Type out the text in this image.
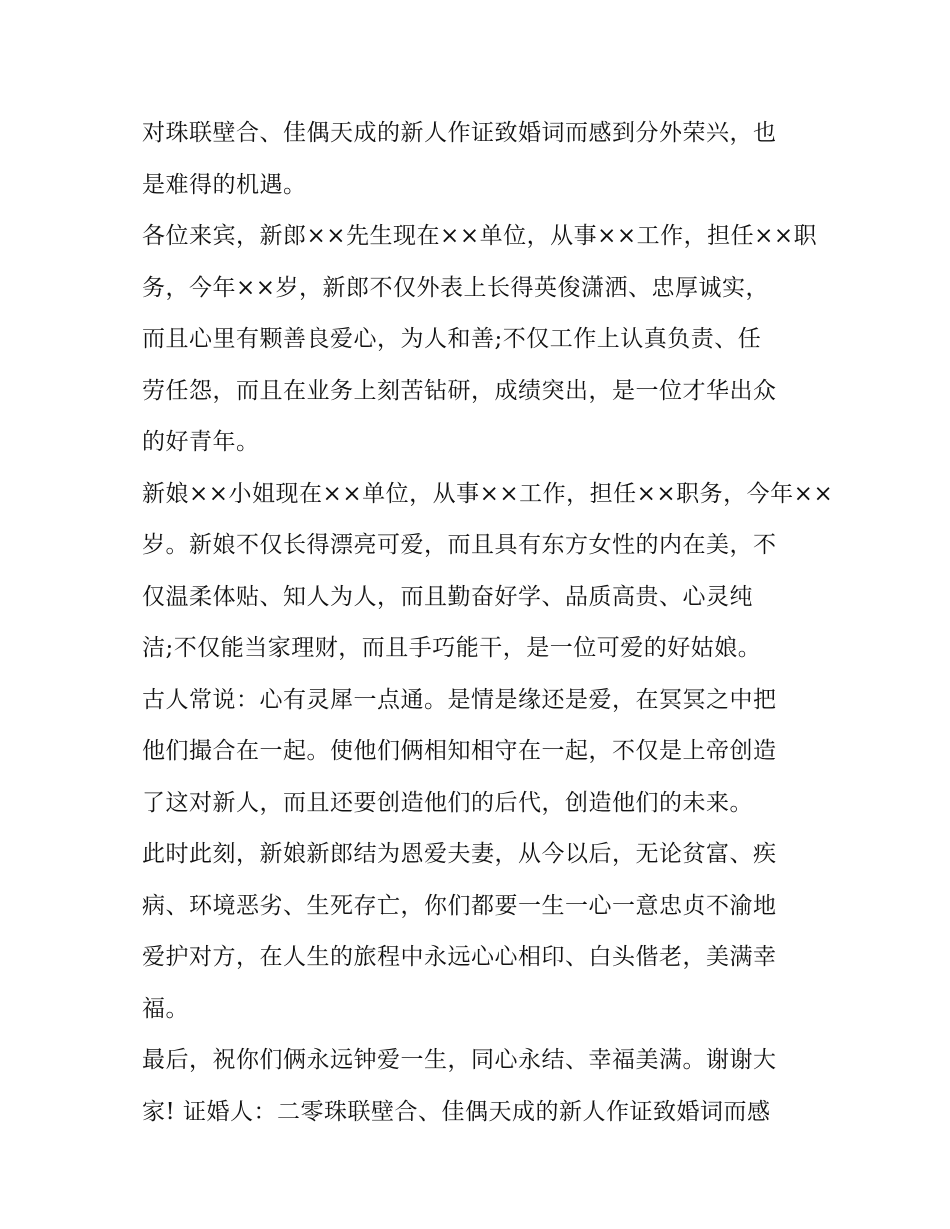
对珠联壁合、佳偶天成的新人作证致婚词而感到分外荣兴，也
是难得的机遇。

各位来宾，新郎××先生现在××单位，从事××工作，担任××职
务，今年××岁，新郎不仅外表上长得英俊潇洒、忠厚诚实，
而且心里有颗善良爱心，为人和善;不仅工作上认真负责、任
劳任怨，而且在业务上刻苦钻研，成绩突出，是一位才华出众
的好青年。

新娘××小姐现在××单位，从事××工作，担任××职务，今年××
岁。新娘不仅长得漂亮可爱，而且具有东方女性的内在美，不
仅温柔体贴、知人为人，而且勤奋好学、品质高贵、心灵纯
洁;不仅能当家理财，而且手巧能干，是一位可爱的好姑娘。

古人常说：心有灵犀一点通。是情是缘还是爱，在冥冥之中把
他们撮合在一起。使他们俩相知相守在一起，不仅是上帝创造
了这对新人，而且还要创造他们的后代，创造他们的未来。

此时此刻，新娘新郎结为恩爱夫妻，从今以后，无论贫富、疾
病、环境恶劣、生死存亡，你们都要一生一心一意忠贞不渝地
爱护对方，在人生的旅程中永远心心相印、白头偕老，美满幸
福。

最后，祝你们俩永远钟爱一生，同心永结、幸福美满。谢谢大
家! 证婚人：二零珠联壁合、佳偶天成的新人作证致婚词而感
